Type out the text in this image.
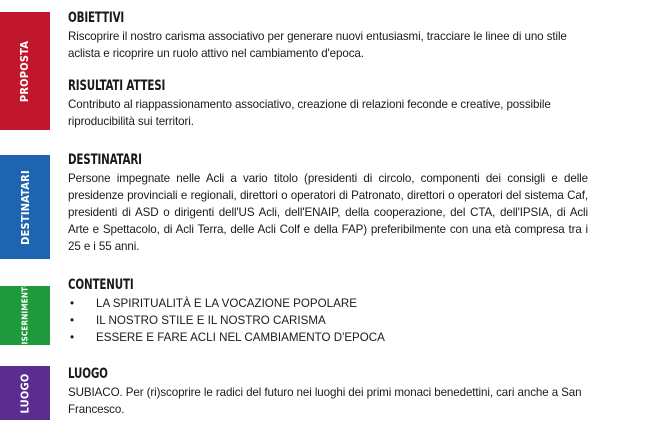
PROPOSTA
DESTINATARI
DISCERNIMENTO
LUOGO
OBIETTIVI

Riscoprire il nostro carisma associativo per generare nuovi entusiasmi, tracciare le linee di uno stile aclista e ricoprire un ruolo attivo nel cambiamento d'epoca.

RISULTATI ATTESI

Contributo al riappassionamento associativo, creazione di relazioni feconde e creative, possibile riproducibilità sui territori.

DESTINATARI

Persone impegnate nelle Acli a vario titolo (presidenti di circolo, componenti dei consigli e delle presidenze provinciali e regionali, direttori o operatori di Patronato, direttori o operatori del sistema Caf, presidenti di ASD o dirigenti dell'US Acli, dell'ENAIP, della cooperazione, del CTA, dell'IPSIA, di Acli Arte e Spettacolo, di Acli Terra, delle Acli Colf e della FAP) preferibilmente con una età compresa tra i 25 e i 55 anni.

CONTENUTI
• LA SPIRITUALITÀ E LA VOCAZIONE POPOLARE
• IL NOSTRO STILE E IL NOSTRO CARISMA
• ESSERE E FARE ACLI NEL CAMBIAMENTO D'EPOCA
LUOGO

SUBIACO. Per (ri)scoprire le radici del futuro nei luoghi dei primi monaci benedettini, cari anche a San Francesco.
